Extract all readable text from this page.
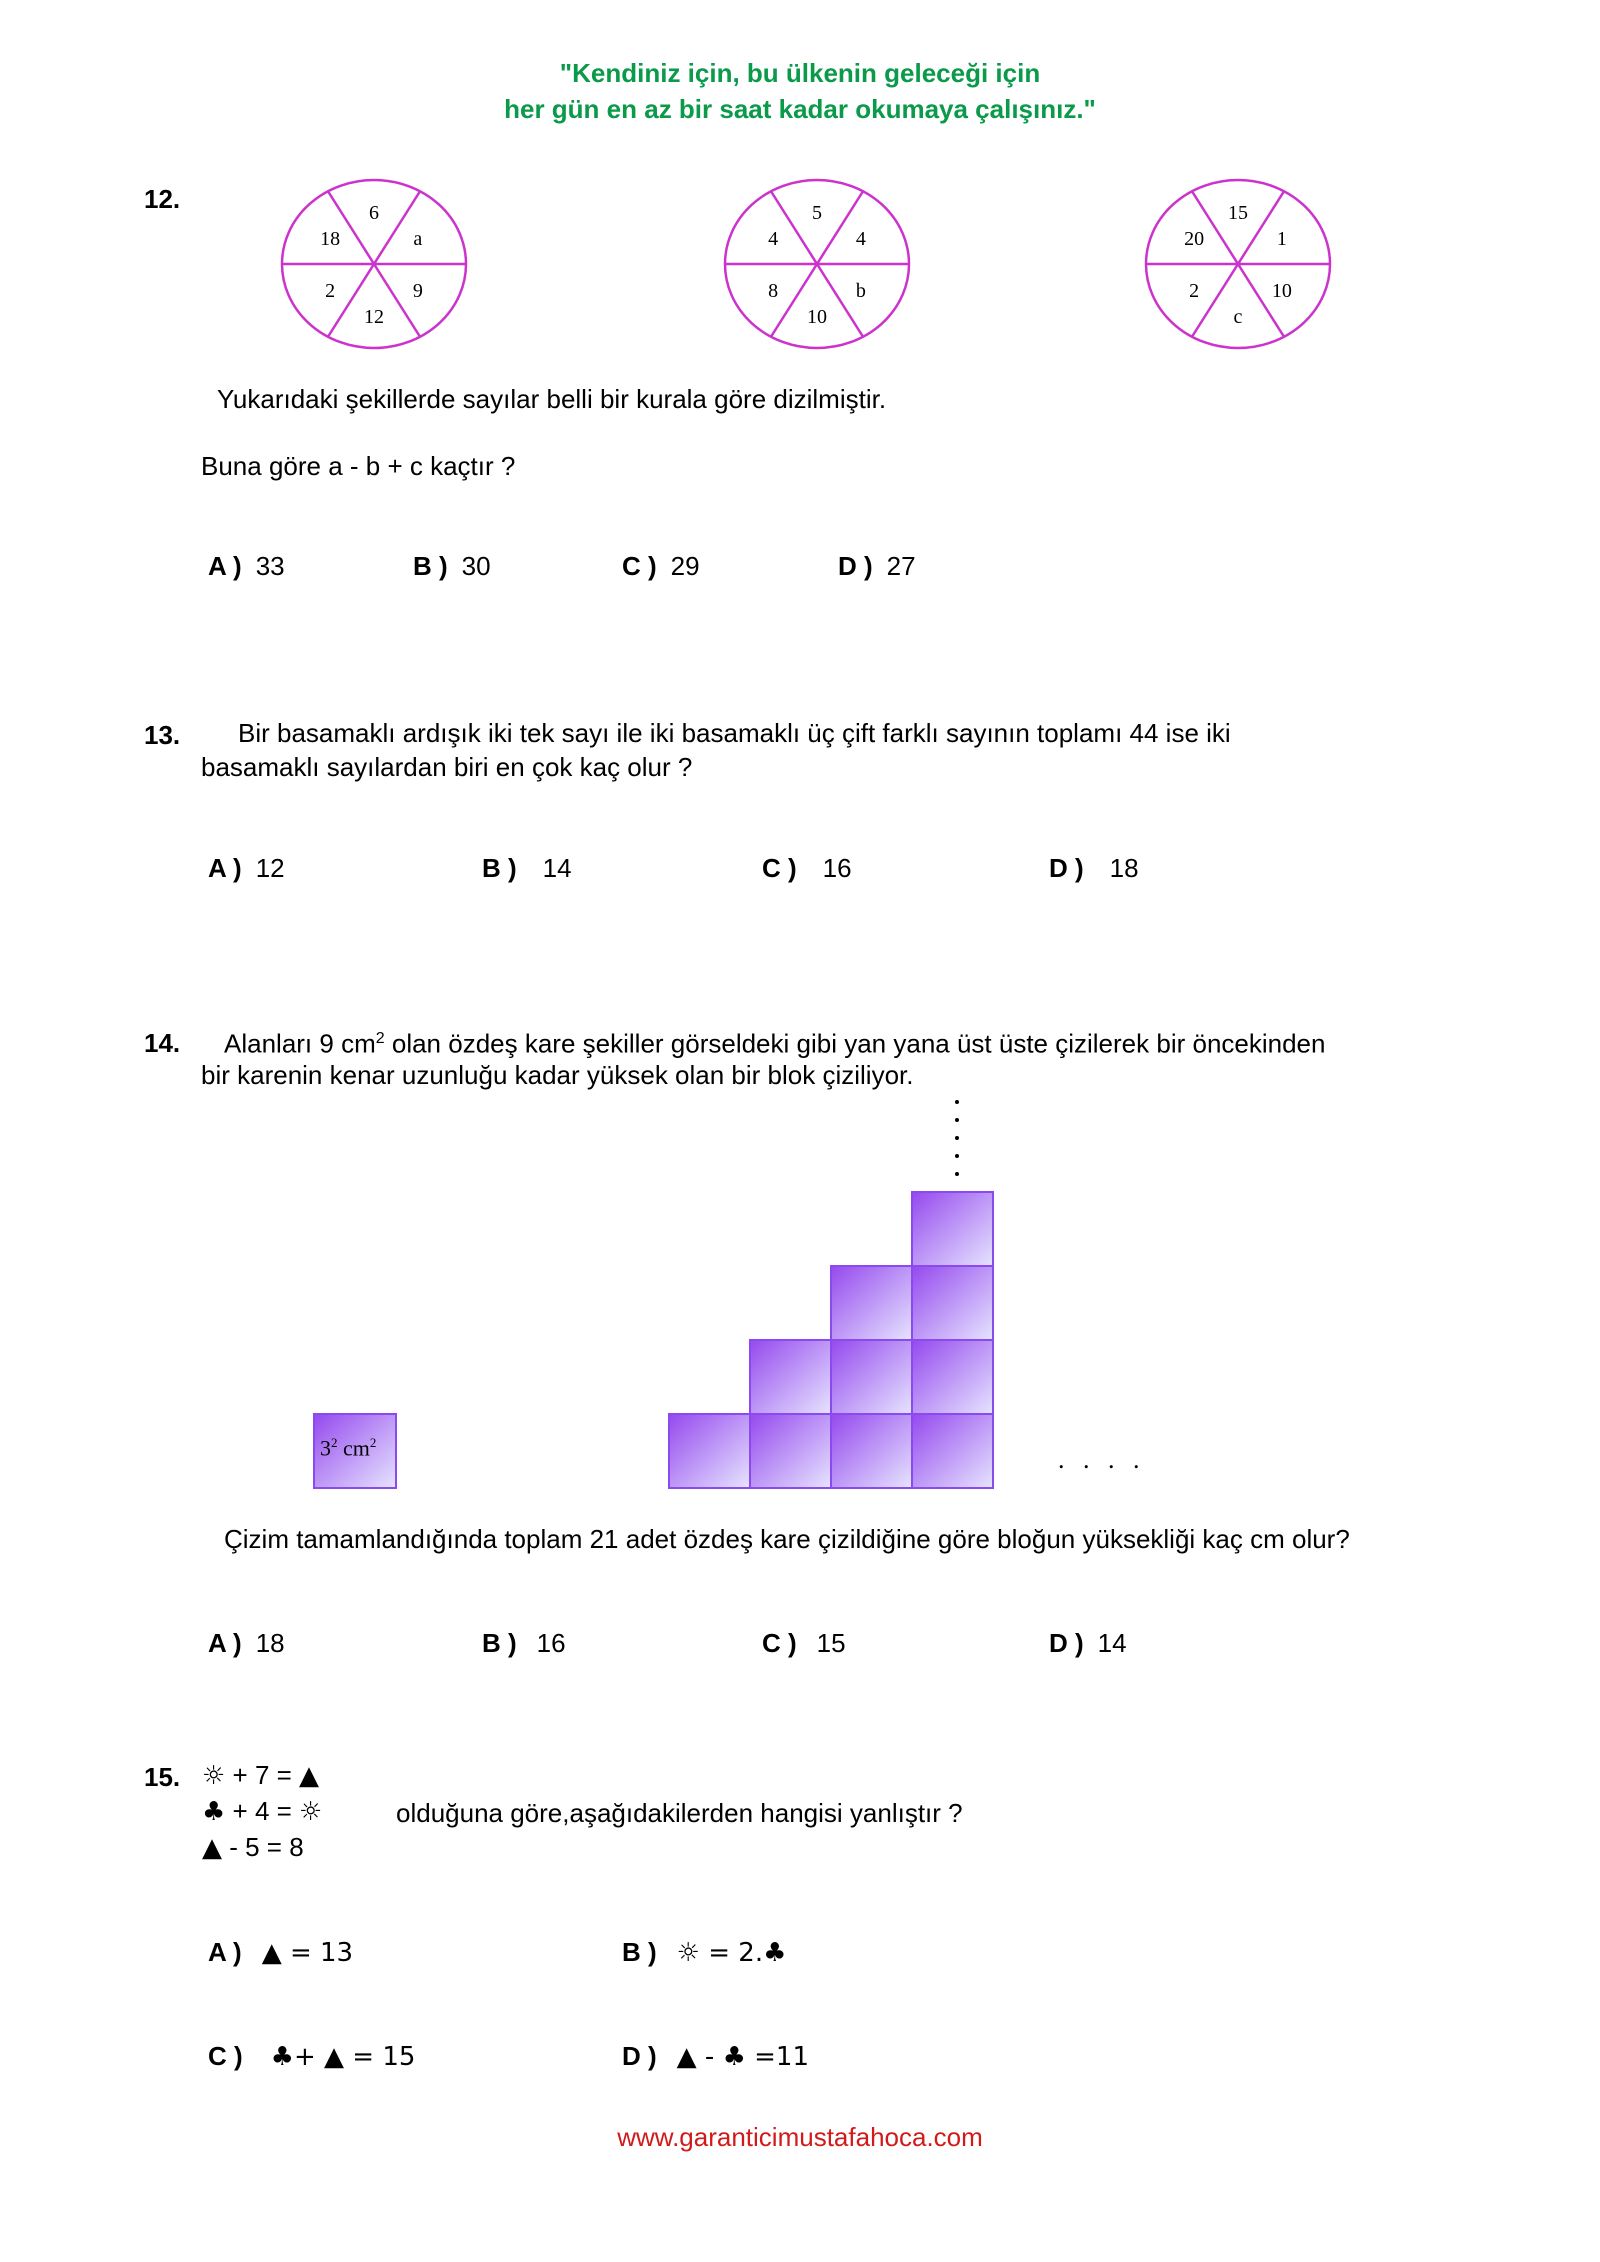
"Kendiniz için, bu ülkenin geleceği için
her gün en az bir saat kadar okumaya çalışınız."
12.	6
a
9
12
2
18
5
4
b
10
8
4
15
1
10
c
2
20
Yukarıdaki şekillerde sayılar belli bir kurala göre dizilmiştir.
Buna göre a - b + c kaçtır ?
A ) 33	B ) 30	C ) 29	D ) 27
13. Bir basamaklı ardışık iki tek sayı ile iki basamaklı üç çift farklı sayının toplamı 44 ise iki
basamaklı sayılardan biri en çok kaç olur ?
A ) 12	B ) 14	C ) 16	D ) 18
14. Alanları 9 $cm^2$ olan özdeş kare şekiller görseldeki gibi yan yana üst üste çizilerek bir öncekinden
bir karenin kenar uzunluğu kadar yüksek olan bir blok çiziliyor.
. . . .
$3^2$ $cm^2$
Çizim tamamlandığında toplam 21 adet özdeş kare çizildiğine göre bloğun yüksekliği kaç cm olur?
A ) 18	B ) 16	C ) 15	D ) 14
15. ☼ + 7 = ▲
♣ + 4 = ☼
▲ - 5 = 8
olduğuna göre,aşağıdakilerden hangisi yanlıştır ?
A ) ▲ = 13	B ) ☼ = 2.♣
C ) ♣+ ▲ = 15	D ) ▲ - ♣ =11
www.garanticimustafahoca.com
